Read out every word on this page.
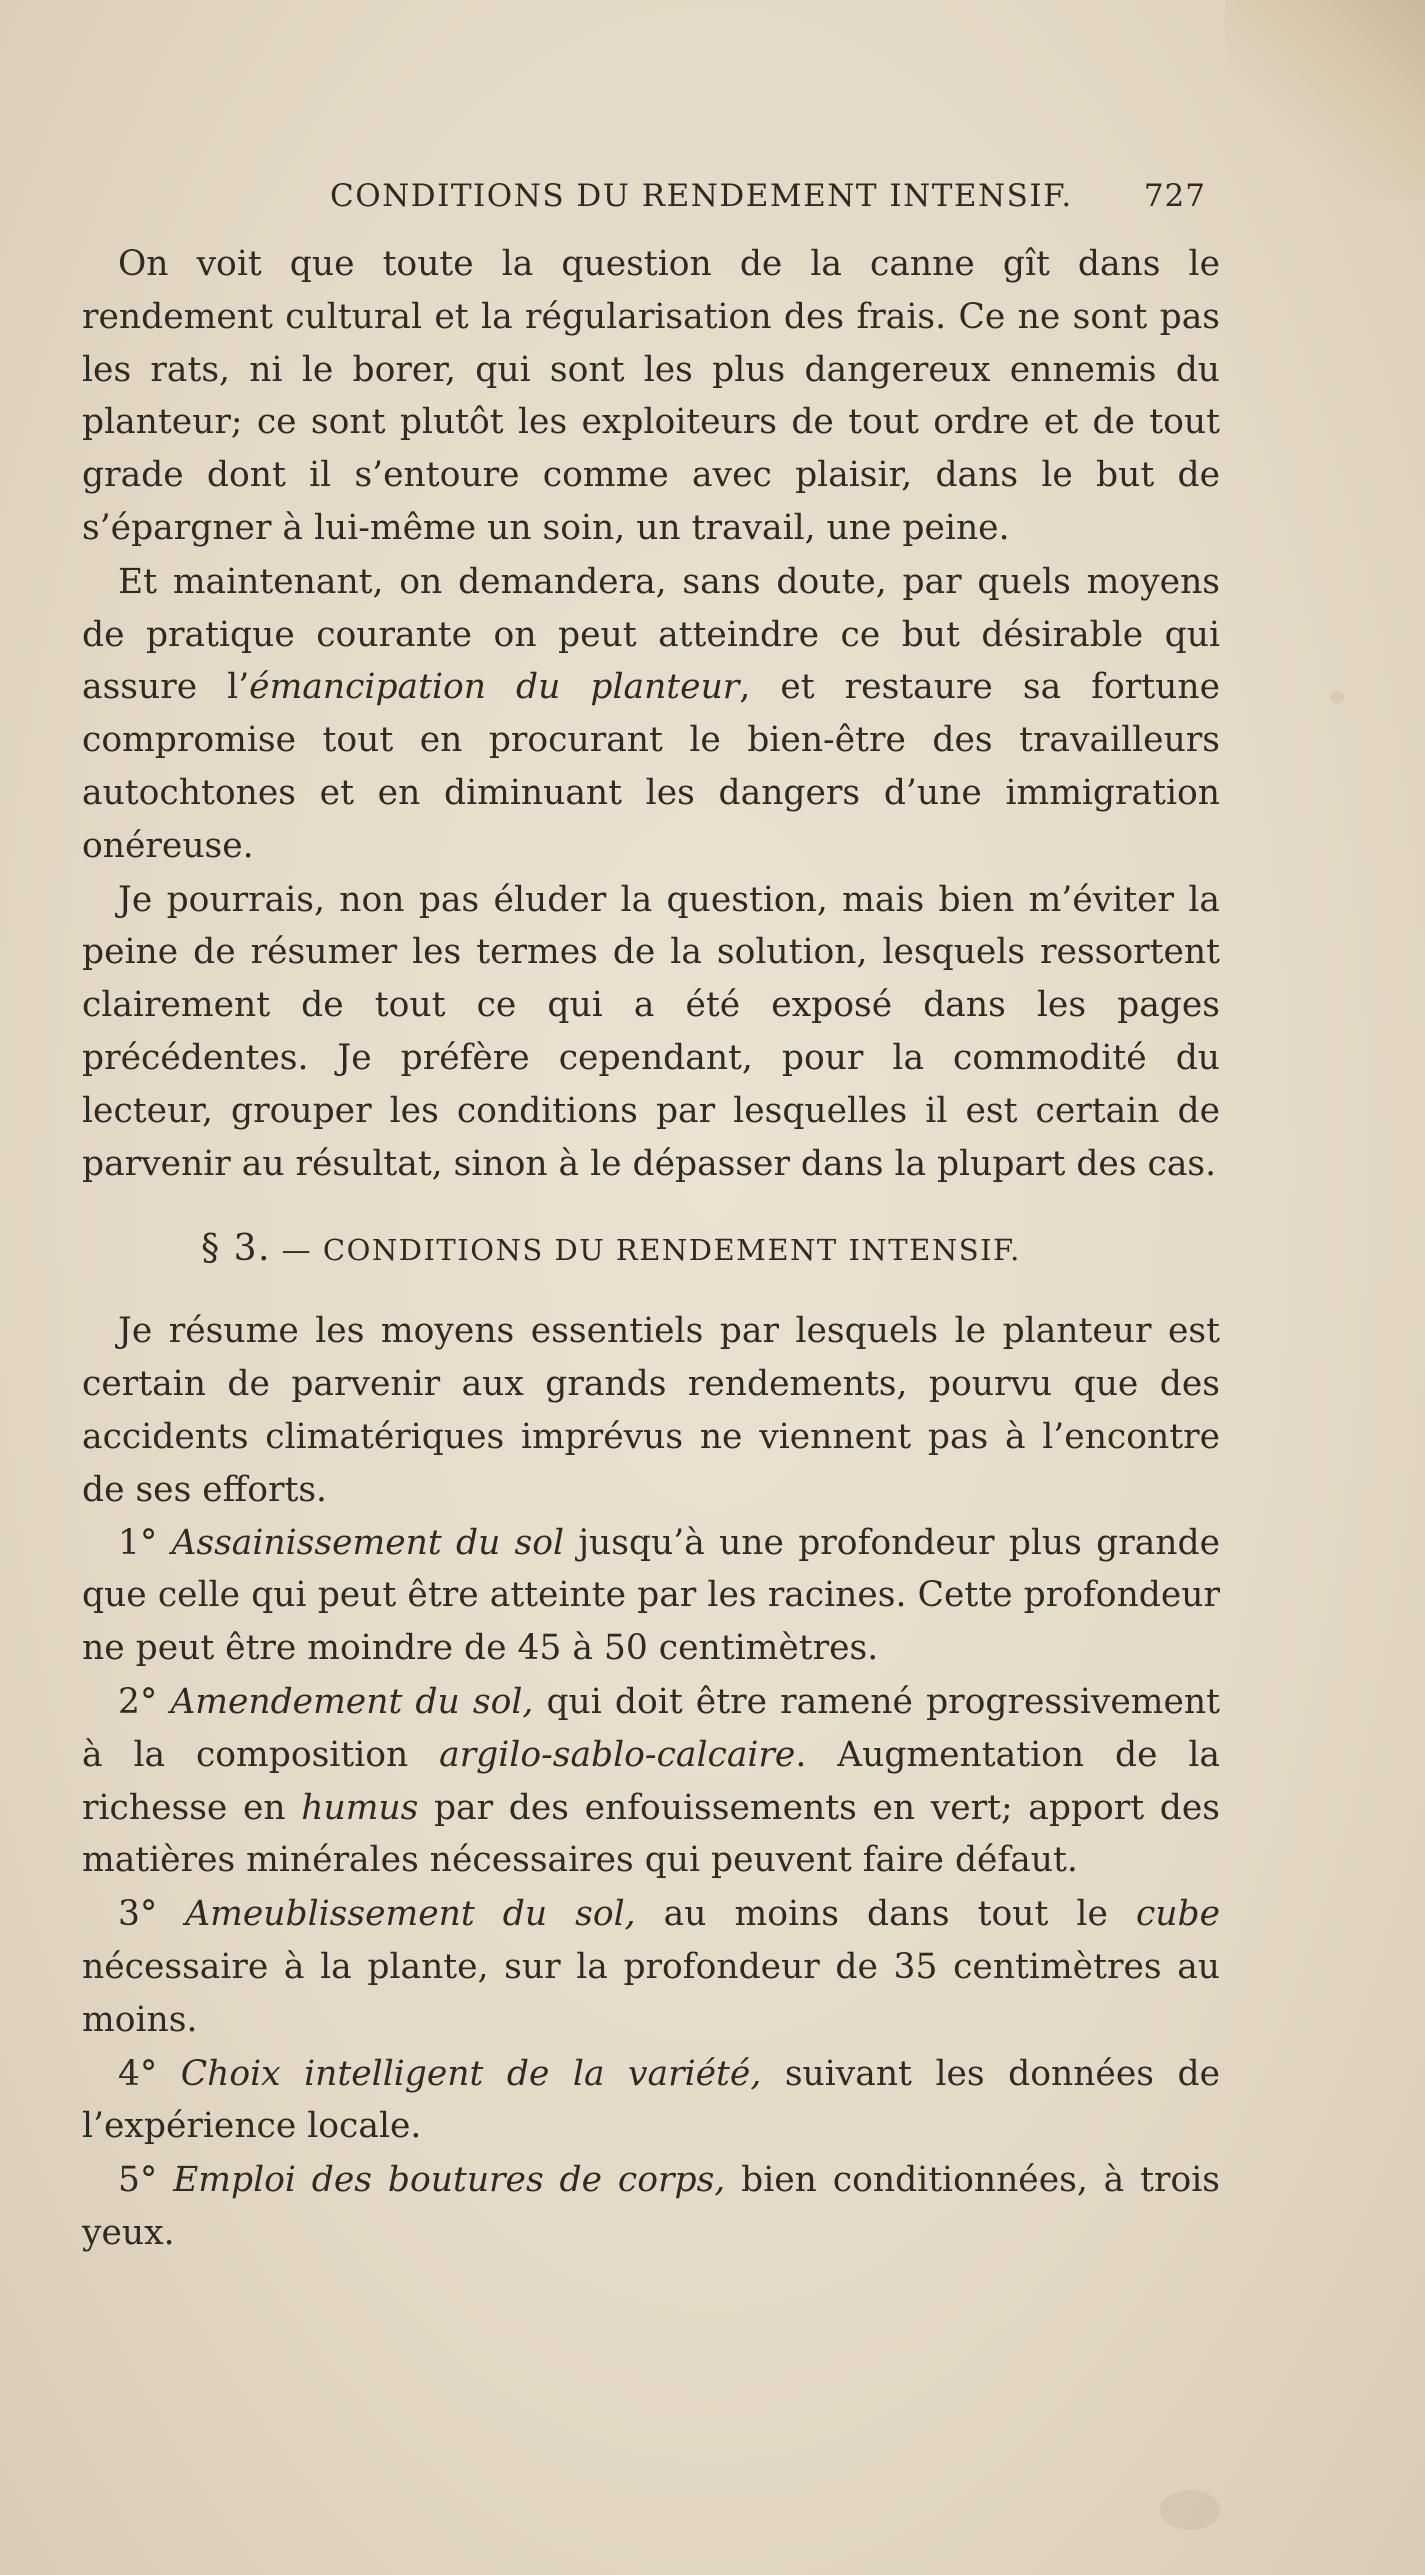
CONDITIONS DU RENDEMENT INTENSIF. 727

On voit que toute la question de la canne gît dans le rendement cultural et la régularisation des frais. Ce ne sont pas les rats, ni le borer, qui sont les plus dangereux ennemis du planteur; ce sont plutôt les exploiteurs de tout ordre et de tout grade dont il s’entoure comme avec plaisir, dans le but de s’épargner à lui-même un soin, un travail, une peine.

Et maintenant, on demandera, sans doute, par quels moyens de pratique courante on peut atteindre ce but désirable qui assure l’émancipation du planteur, et restaure sa fortune compromise tout en procurant le bien-être des travailleurs autochtones et en diminuant les dangers d’une immigration onéreuse.

Je pourrais, non pas éluder la question, mais bien m’éviter la peine de résumer les termes de la solution, lesquels ressortent clairement de tout ce qui a été exposé dans les pages précédentes. Je préfère cependant, pour la commodité du lecteur, grouper les conditions par lesquelles il est certain de parvenir au résultat, sinon à le dépasser dans la plupart des cas.

§ 3. — CONDITIONS DU RENDEMENT INTENSIF.

Je résume les moyens essentiels par lesquels le planteur est certain de parvenir aux grands rendements, pourvu que des accidents climatériques imprévus ne viennent pas à l’encontre de ses efforts.

1° Assainissement du sol jusqu’à une profondeur plus grande que celle qui peut être atteinte par les racines. Cette profondeur ne peut être moindre de 45 à 50 centimètres.

2° Amendement du sol, qui doit être ramené progressivement à la composition argilo-sablo-calcaire. Augmentation de la richesse en humus par des enfouissements en vert; apport des matières minérales nécessaires qui peuvent faire défaut.

3° Ameublissement du sol, au moins dans tout le cube nécessaire à la plante, sur la profondeur de 35 centimètres au moins.

4° Choix intelligent de la variété, suivant les données de l’expérience locale.

5° Emploi des boutures de corps, bien conditionnées, à trois yeux.
